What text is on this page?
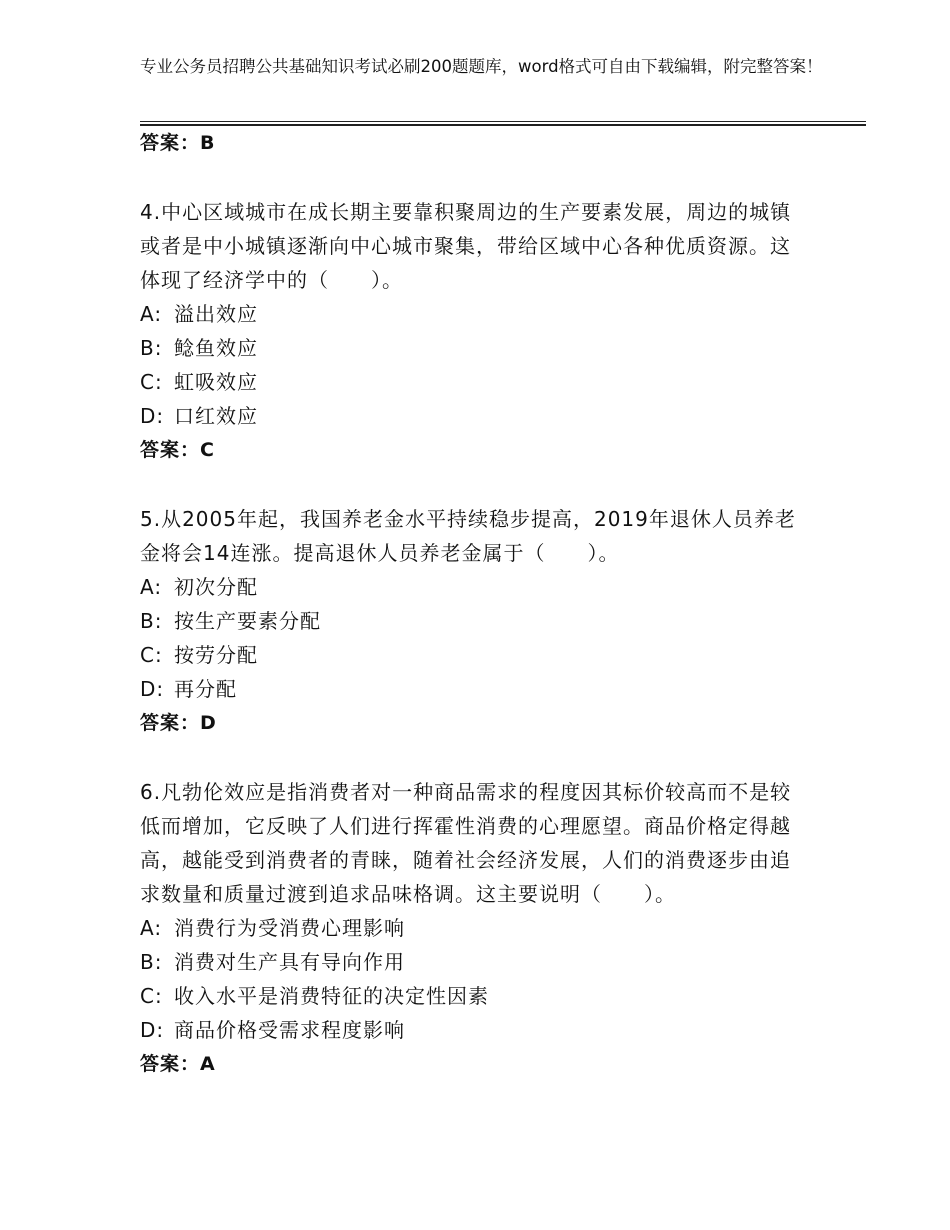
专业公务员招聘公共基础知识考试必刷200题题库，word格式可自由下载编辑，附完整答案！
答案：B
4.中心区域城市在成长期主要靠积聚周边的生产要素发展，周边的城镇或者是中小城镇逐渐向中心城市聚集，带给区域中心各种优质资源。这体现了经济学中的（　　）。
A: 溢出效应
B: 鲶鱼效应
C: 虹吸效应
D: 口红效应
答案：C
5.从2005年起，我国养老金水平持续稳步提高，2019年退休人员养老金将会14连涨。提高退休人员养老金属于（　　）。
A: 初次分配
B: 按生产要素分配
C: 按劳分配
D: 再分配
答案：D
6.凡勃伦效应是指消费者对一种商品需求的程度因其标价较高而不是较低而增加，它反映了人们进行挥霍性消费的心理愿望。商品价格定得越高，越能受到消费者的青睐，随着社会经济发展，人们的消费逐步由追求数量和质量过渡到追求品味格调。这主要说明（　　）。
A: 消费行为受消费心理影响
B: 消费对生产具有导向作用
C: 收入水平是消费特征的决定性因素
D: 商品价格受需求程度影响
答案：A
